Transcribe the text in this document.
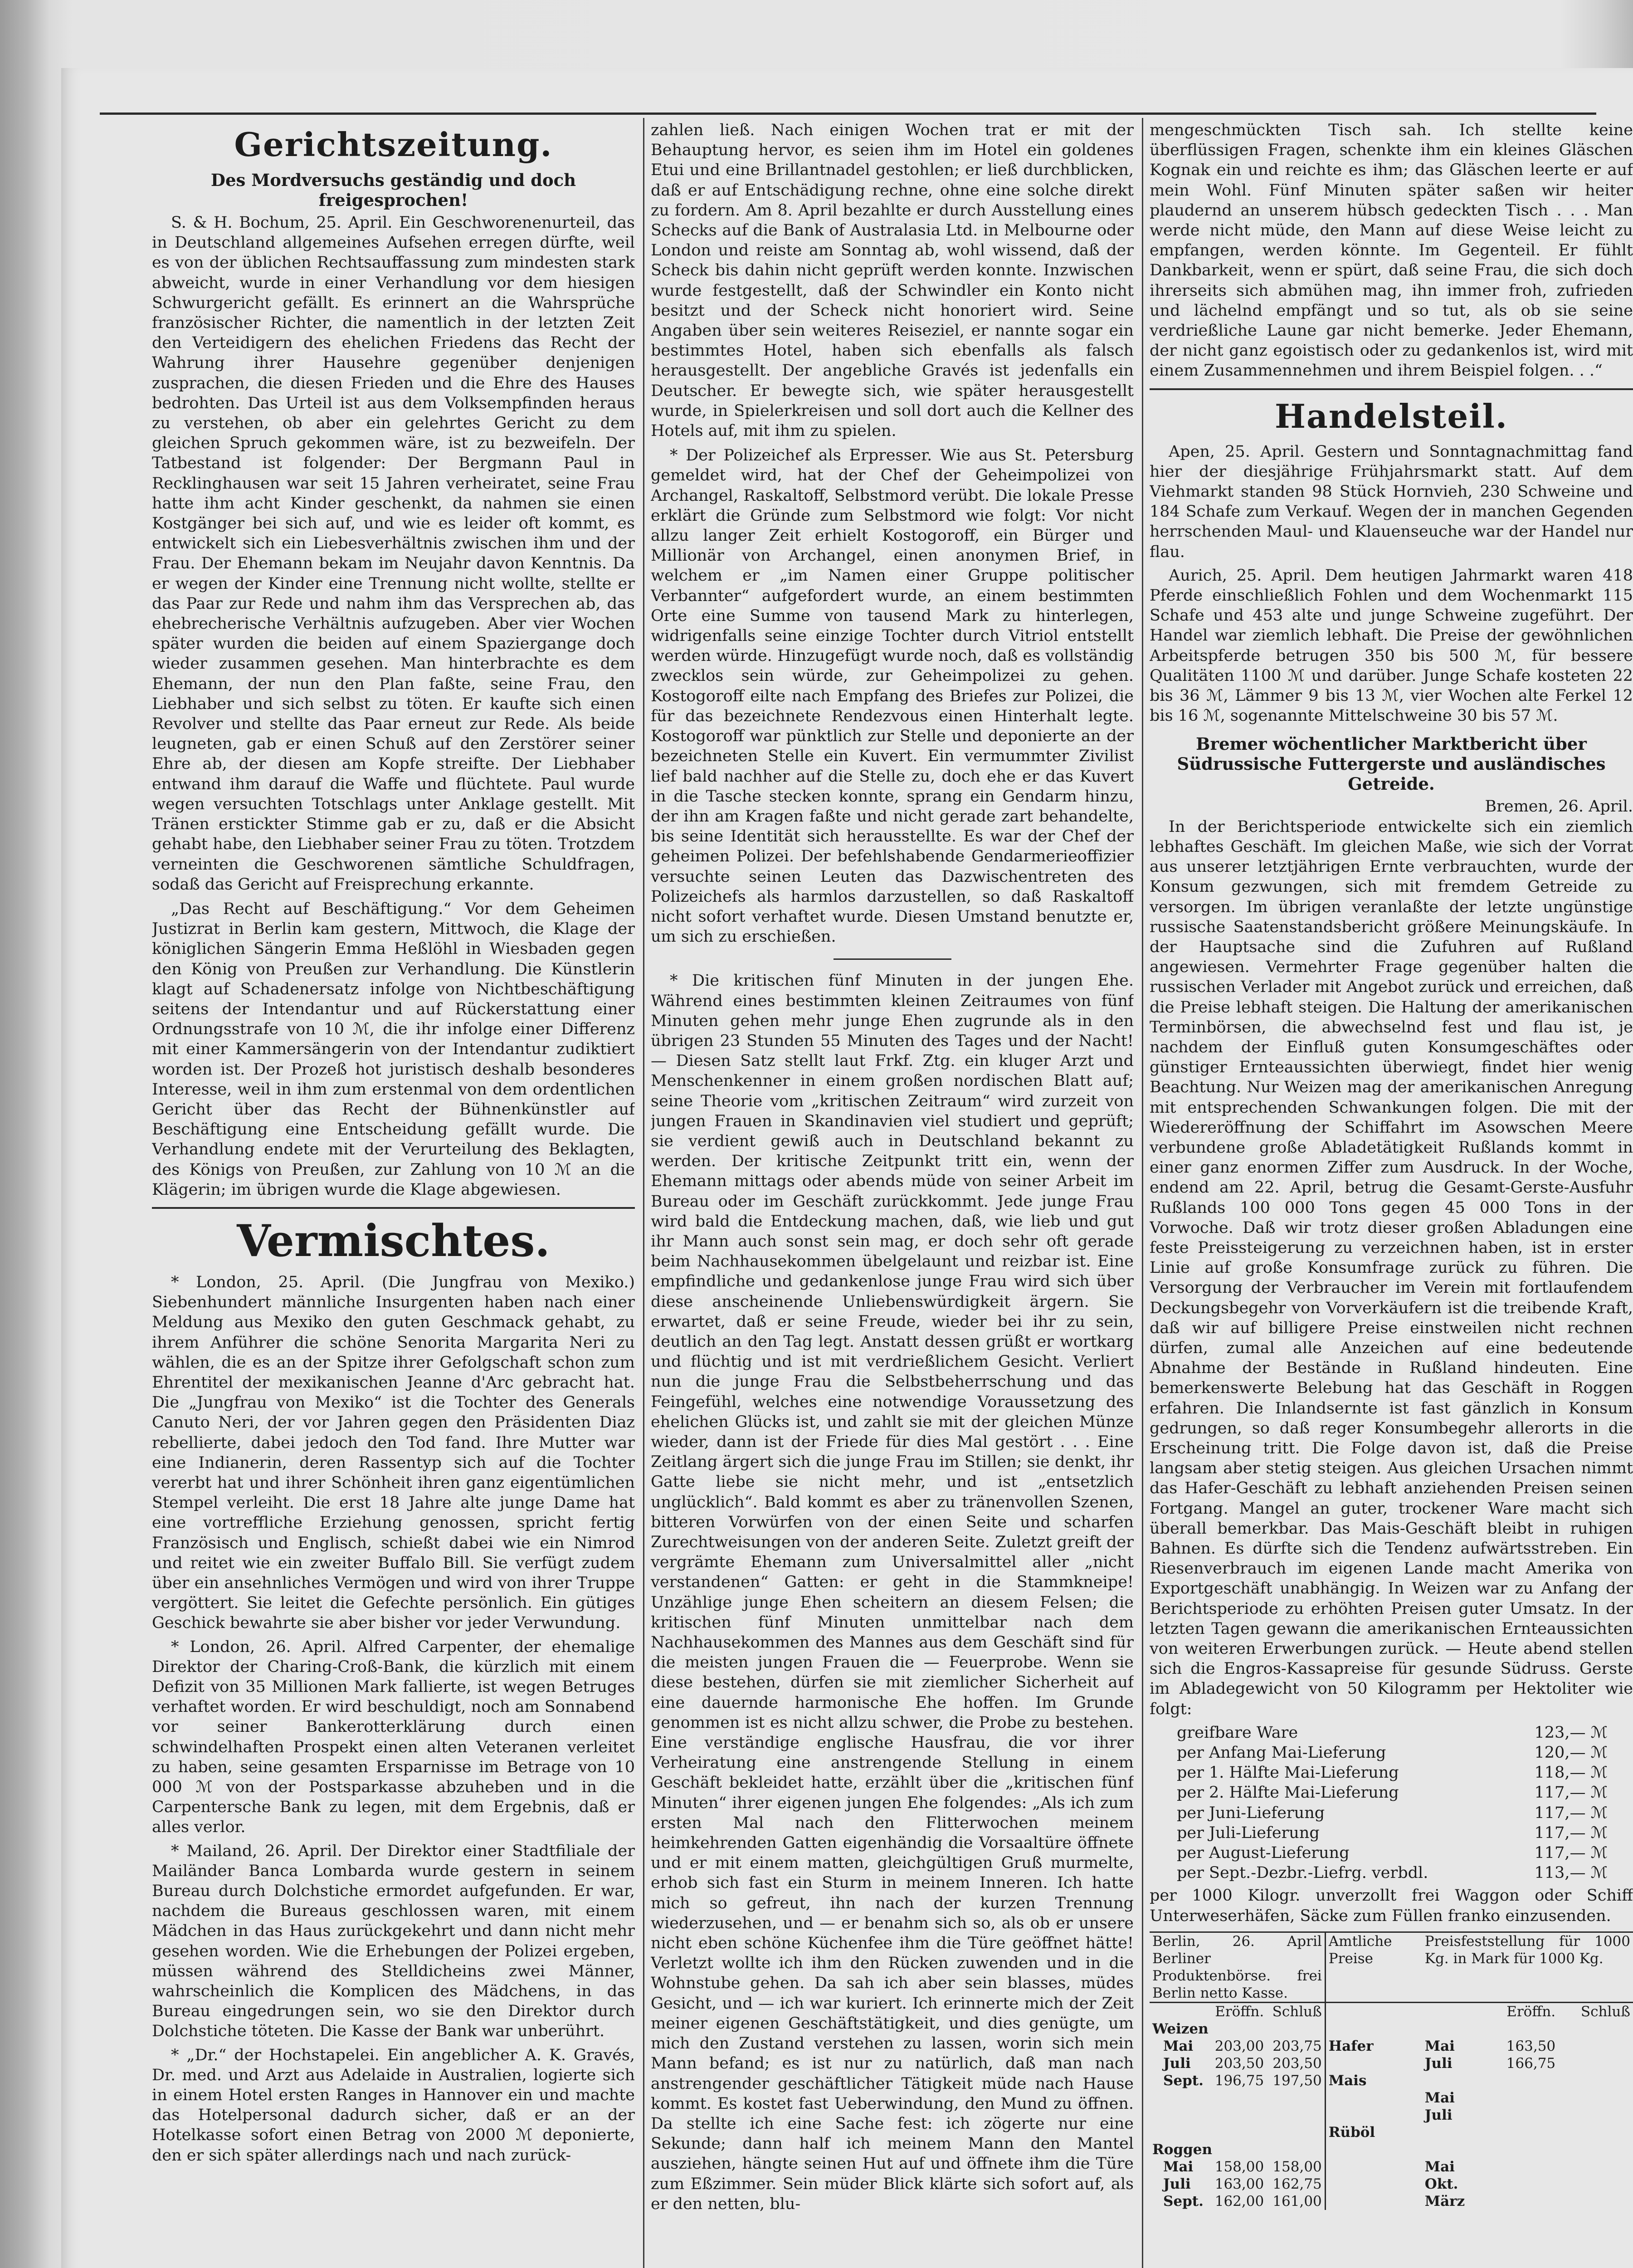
Gerichtszeitung.
Des Mordversuchs geständig und doch freigesprochen!

S. & H. Bochum, 25. April. Ein Geschworenenurteil, das in Deutschland allgemeines Aufsehen erregen dürfte, weil es von der üblichen Rechtsauffassung zum mindesten stark abweicht, wurde in einer Verhandlung vor dem hiesigen Schwurgericht gefällt. Es erinnert an die Wahrsprüche französischer Richter, die namentlich in der letzten Zeit den Verteidigern des ehelichen Friedens das Recht der Wahrung ihrer Hausehre gegenüber denjenigen zusprachen, die diesen Frieden und die Ehre des Hauses bedrohten. Das Urteil ist aus dem Volksempfinden heraus zu verstehen, ob aber ein gelehrtes Gericht zu dem gleichen Spruch gekommen wäre, ist zu bezweifeln. Der Tatbestand ist folgender: Der Bergmann Paul in Recklinghausen war seit 15 Jahren verheiratet, seine Frau hatte ihm acht Kinder geschenkt, da nahmen sie einen Kostgänger bei sich auf, und wie es leider oft kommt, es entwickelt sich ein Liebesverhältnis zwischen ihm und der Frau. Der Ehemann bekam im Neujahr davon Kenntnis. Da er wegen der Kinder eine Trennung nicht wollte, stellte er das Paar zur Rede und nahm ihm das Versprechen ab, das ehebrecherische Verhältnis aufzugeben. Aber vier Wochen später wurden die beiden auf einem Spaziergange doch wieder zusammen gesehen. Man hinterbrachte es dem Ehemann, der nun den Plan faßte, seine Frau, den Liebhaber und sich selbst zu töten. Er kaufte sich einen Revolver und stellte das Paar erneut zur Rede. Als beide leugneten, gab er einen Schuß auf den Zerstörer seiner Ehre ab, der diesen am Kopfe streifte. Der Liebhaber entwand ihm darauf die Waffe und flüchtete. Paul wurde wegen versuchten Totschlags unter Anklage gestellt. Mit Tränen erstickter Stimme gab er zu, daß er die Absicht gehabt habe, den Liebhaber seiner Frau zu töten. Trotzdem verneinten die Geschworenen sämtliche Schuldfragen, sodaß das Gericht auf Freisprechung erkannte.

„Das Recht auf Beschäftigung.“ Vor dem Geheimen Justizrat in Berlin kam gestern, Mittwoch, die Klage der königlichen Sängerin Emma Heßlöhl in Wiesbaden gegen den König von Preußen zur Verhandlung. Die Künstlerin klagt auf Schadenersatz infolge von Nichtbeschäftigung seitens der Intendantur und auf Rückerstattung einer Ordnungsstrafe von 10 ℳ, die ihr infolge einer Differenz mit einer Kammersängerin von der Intendantur zudiktiert worden ist. Der Prozeß hot juristisch deshalb besonderes Interesse, weil in ihm zum erstenmal von dem ordentlichen Gericht über das Recht der Bühnenkünstler auf Beschäftigung eine Entscheidung gefällt wurde. Die Verhandlung endete mit der Verurteilung des Beklagten, des Königs von Preußen, zur Zahlung von 10 ℳ an die Klägerin; im übrigen wurde die Klage abgewiesen.

Vermischtes.

* London, 25. April. (Die Jungfrau von Mexiko.) Siebenhundert männliche Insurgenten haben nach einer Meldung aus Mexiko den guten Geschmack gehabt, zu ihrem Anführer die schöne Senorita Margarita Neri zu wählen, die es an der Spitze ihrer Gefolgschaft schon zum Ehrentitel der mexikanischen Jeanne d'Arc gebracht hat. Die „Jungfrau von Mexiko“ ist die Tochter des Generals Canuto Neri, der vor Jahren gegen den Präsidenten Diaz rebellierte, dabei jedoch den Tod fand. Ihre Mutter war eine Indianerin, deren Rassentyp sich auf die Tochter vererbt hat und ihrer Schönheit ihren ganz eigentümlichen Stempel verleiht. Die erst 18 Jahre alte junge Dame hat eine vortreffliche Erziehung genossen, spricht fertig Französisch und Englisch, schießt dabei wie ein Nimrod und reitet wie ein zweiter Buffalo Bill. Sie verfügt zudem über ein ansehnliches Vermögen und wird von ihrer Truppe vergöttert. Sie leitet die Gefechte persönlich. Ein gütiges Geschick bewahrte sie aber bisher vor jeder Verwundung.

* London, 26. April. Alfred Carpenter, der ehemalige Direktor der Charing-Croß-Bank, die kürzlich mit einem Defizit von 35 Millionen Mark fallierte, ist wegen Betruges verhaftet worden. Er wird beschuldigt, noch am Sonnabend vor seiner Bankerotterklärung durch einen schwindelhaften Prospekt einen alten Veteranen verleitet zu haben, seine gesamten Ersparnisse im Betrage von 10 000 ℳ von der Postsparkasse abzuheben und in die Carpentersche Bank zu legen, mit dem Ergebnis, daß er alles verlor.

* Mailand, 26. April. Der Direktor einer Stadtfiliale der Mailänder Banca Lombarda wurde gestern in seinem Bureau durch Dolchstiche ermordet aufgefunden. Er war, nachdem die Bureaus geschlossen waren, mit einem Mädchen in das Haus zurückgekehrt und dann nicht mehr gesehen worden. Wie die Erhebungen der Polizei ergeben, müssen während des Stelldicheins zwei Männer, wahrscheinlich die Komplicen des Mädchens, in das Bureau eingedrungen sein, wo sie den Direktor durch Dolchstiche töteten. Die Kasse der Bank war unberührt.

* „Dr.“ der Hochstapelei. Ein angeblicher A. K. Gravés, Dr. med. und Arzt aus Adelaide in Australien, logierte sich in einem Hotel ersten Ranges in Hannover ein und machte das Hotelpersonal dadurch sicher, daß er an der Hotelkasse sofort einen Betrag von 2000 ℳ deponierte, den er sich später allerdings nach und nach zurück-

zahlen ließ. Nach einigen Wochen trat er mit der Behauptung hervor, es seien ihm im Hotel ein goldenes Etui und eine Brillantnadel gestohlen; er ließ durchblicken, daß er auf Entschädigung rechne, ohne eine solche direkt zu fordern. Am 8. April bezahlte er durch Ausstellung eines Schecks auf die Bank of Australasia Ltd. in Melbourne oder London und reiste am Sonntag ab, wohl wissend, daß der Scheck bis dahin nicht geprüft werden konnte. Inzwischen wurde festgestellt, daß der Schwindler ein Konto nicht besitzt und der Scheck nicht honoriert wird. Seine Angaben über sein weiteres Reiseziel, er nannte sogar ein bestimmtes Hotel, haben sich ebenfalls als falsch herausgestellt. Der angebliche Gravés ist jedenfalls ein Deutscher. Er bewegte sich, wie später herausgestellt wurde, in Spielerkreisen und soll dort auch die Kellner des Hotels auf, mit ihm zu spielen.

* Der Polizeichef als Erpresser. Wie aus St. Petersburg gemeldet wird, hat der Chef der Geheimpolizei von Archangel, Raskaltoff, Selbstmord verübt. Die lokale Presse erklärt die Gründe zum Selbstmord wie folgt: Vor nicht allzu langer Zeit erhielt Kostogoroff, ein Bürger und Millionär von Archangel, einen anonymen Brief, in welchem er „im Namen einer Gruppe politischer Verbannter“ aufgefordert wurde, an einem bestimmten Orte eine Summe von tausend Mark zu hinterlegen, widrigenfalls seine einzige Tochter durch Vitriol entstellt werden würde. Hinzugefügt wurde noch, daß es vollständig zwecklos sein würde, zur Geheimpolizei zu gehen. Kostogoroff eilte nach Empfang des Briefes zur Polizei, die für das bezeichnete Rendezvous einen Hinterhalt legte. Kostogoroff war pünktlich zur Stelle und deponierte an der bezeichneten Stelle ein Kuvert. Ein vermummter Zivilist lief bald nachher auf die Stelle zu, doch ehe er das Kuvert in die Tasche stecken konnte, sprang ein Gendarm hinzu, der ihn am Kragen faßte und nicht gerade zart behandelte, bis seine Identität sich herausstellte. Es war der Chef der geheimen Polizei. Der befehlshabende Gendarmerieoffizier versuchte seinen Leuten das Dazwischentreten des Polizeichefs als harmlos darzustellen, so daß Raskaltoff nicht sofort verhaftet wurde. Diesen Umstand benutzte er, um sich zu erschießen.

* Die kritischen fünf Minuten in der jungen Ehe. Während eines bestimmten kleinen Zeitraumes von fünf Minuten gehen mehr junge Ehen zugrunde als in den übrigen 23 Stunden 55 Minuten des Tages und der Nacht! — Diesen Satz stellt laut Frkf. Ztg. ein kluger Arzt und Menschenkenner in einem großen nordischen Blatt auf; seine Theorie vom „kritischen Zeitraum“ wird zurzeit von jungen Frauen in Skandinavien viel studiert und geprüft; sie verdient gewiß auch in Deutschland bekannt zu werden. Der kritische Zeitpunkt tritt ein, wenn der Ehemann mittags oder abends müde von seiner Arbeit im Bureau oder im Geschäft zurückkommt. Jede junge Frau wird bald die Entdeckung machen, daß, wie lieb und gut ihr Mann auch sonst sein mag, er doch sehr oft gerade beim Nachhausekommen übelgelaunt und reizbar ist. Eine empfindliche und gedankenlose junge Frau wird sich über diese anscheinende Unliebenswürdigkeit ärgern. Sie erwartet, daß er seine Freude, wieder bei ihr zu sein, deutlich an den Tag legt. Anstatt dessen grüßt er wortkarg und flüchtig und ist mit verdrießlichem Gesicht. Verliert nun die junge Frau die Selbstbeherrschung und das Feingefühl, welches eine notwendige Voraussetzung des ehelichen Glücks ist, und zahlt sie mit der gleichen Münze wieder, dann ist der Friede für dies Mal gestört . . . Eine Zeitlang ärgert sich die junge Frau im Stillen; sie denkt, ihr Gatte liebe sie nicht mehr, und ist „entsetzlich unglücklich“. Bald kommt es aber zu tränenvollen Szenen, bitteren Vorwürfen von der einen Seite und scharfen Zurechtweisungen von der anderen Seite. Zuletzt greift der vergrämte Ehemann zum Universalmittel aller „nicht verstandenen“ Gatten: er geht in die Stammkneipe! Unzählige junge Ehen scheitern an diesem Felsen; die kritischen fünf Minuten unmittelbar nach dem Nachhausekommen des Mannes aus dem Geschäft sind für die meisten jungen Frauen die — Feuerprobe. Wenn sie diese bestehen, dürfen sie mit ziemlicher Sicherheit auf eine dauernde harmonische Ehe hoffen. Im Grunde genommen ist es nicht allzu schwer, die Probe zu bestehen. Eine verständige englische Hausfrau, die vor ihrer Verheiratung eine anstrengende Stellung in einem Geschäft bekleidet hatte, erzählt über die „kritischen fünf Minuten“ ihrer eigenen jungen Ehe folgendes: „Als ich zum ersten Mal nach den Flitterwochen meinem heimkehrenden Gatten eigenhändig die Vorsaaltüre öffnete und er mit einem matten, gleichgültigen Gruß murmelte, erhob sich fast ein Sturm in meinem Inneren. Ich hatte mich so gefreut, ihn nach der kurzen Trennung wiederzusehen, und — er benahm sich so, als ob er unsere nicht eben schöne Küchenfee ihm die Türe geöffnet hätte! Verletzt wollte ich ihm den Rücken zuwenden und in die Wohnstube gehen. Da sah ich aber sein blasses, müdes Gesicht, und — ich war kuriert. Ich erinnerte mich der Zeit meiner eigenen Geschäftstätigkeit, und dies genügte, um mich den Zustand verstehen zu lassen, worin sich mein Mann befand; es ist nur zu natürlich, daß man nach anstrengender geschäftlicher Tätigkeit müde nach Hause kommt. Es kostet fast Ueberwindung, den Mund zu öffnen. Da stellte ich eine Sache fest: ich zögerte nur eine Sekunde; dann half ich meinem Mann den Mantel ausziehen, hängte seinen Hut auf und öffnete ihm die Türe zum Eßzimmer. Sein müder Blick klärte sich sofort auf, als er den netten, blu-

mengeschmückten Tisch sah. Ich stellte keine überflüssigen Fragen, schenkte ihm ein kleines Gläschen Kognak ein und reichte es ihm; das Gläschen leerte er auf mein Wohl. Fünf Minuten später saßen wir heiter plaudernd an unserem hübsch gedeckten Tisch . . . Man werde nicht müde, den Mann auf diese Weise leicht zu empfangen, werden könnte. Im Gegenteil. Er fühlt Dankbarkeit, wenn er spürt, daß seine Frau, die sich doch ihrerseits sich abmühen mag, ihn immer froh, zufrieden und lächelnd empfängt und so tut, als ob sie seine verdrießliche Laune gar nicht bemerke. Jeder Ehemann, der nicht ganz egoistisch oder zu gedankenlos ist, wird mit einem Zusammennehmen und ihrem Beispiel folgen. . .“

Handelsteil.

Apen, 25. April. Gestern und Sonntagnachmittag fand hier der diesjährige Frühjahrsmarkt statt. Auf dem Viehmarkt standen 98 Stück Hornvieh, 230 Schweine und 184 Schafe zum Verkauf. Wegen der in manchen Gegenden herrschenden Maul- und Klauenseuche war der Handel nur flau.

Aurich, 25. April. Dem heutigen Jahrmarkt waren 418 Pferde einschließlich Fohlen und dem Wochenmarkt 115 Schafe und 453 alte und junge Schweine zugeführt. Der Handel war ziemlich lebhaft. Die Preise der gewöhnlichen Arbeitspferde betrugen 350 bis 500 ℳ, für bessere Qualitäten 1100 ℳ und darüber. Junge Schafe kosteten 22 bis 36 ℳ, Lämmer 9 bis 13 ℳ, vier Wochen alte Ferkel 12 bis 16 ℳ, sogenannte Mittelschweine 30 bis 57 ℳ.

Bremer wöchentlicher Marktbericht über Südrussische Futtergerste und ausländisches Getreide.
Bremen, 26. April.

In der Berichtsperiode entwickelte sich ein ziemlich lebhaftes Geschäft. Im gleichen Maße, wie sich der Vorrat aus unserer letztjährigen Ernte verbrauchten, wurde der Konsum gezwungen, sich mit fremdem Getreide zu versorgen. Im übrigen veranlaßte der letzte ungünstige russische Saatenstandsbericht größere Meinungskäufe. In der Hauptsache sind die Zufuhren auf Rußland angewiesen. Vermehrter Frage gegenüber halten die russischen Verlader mit Angebot zurück und erreichen, daß die Preise lebhaft steigen. Die Haltung der amerikanischen Terminbörsen, die abwechselnd fest und flau ist, je nachdem der Einfluß guten Konsumgeschäftes oder günstiger Ernteaussichten überwiegt, findet hier wenig Beachtung. Nur Weizen mag der amerikanischen Anregung mit entsprechenden Schwankungen folgen. Die mit der Wiedereröffnung der Schiffahrt im Asowschen Meere verbundene große Abladetätigkeit Rußlands kommt in einer ganz enormen Ziffer zum Ausdruck. In der Woche, endend am 22. April, betrug die Gesamt-Gerste-Ausfuhr Rußlands 100 000 Tons gegen 45 000 Tons in der Vorwoche. Daß wir trotz dieser großen Abladungen eine feste Preissteigerung zu verzeichnen haben, ist in erster Linie auf große Konsumfrage zurück zu führen. Die Versorgung der Verbraucher im Verein mit fortlaufendem Deckungsbegehr von Vorverkäufern ist die treibende Kraft, daß wir auf billigere Preise einstweilen nicht rechnen dürfen, zumal alle Anzeichen auf eine bedeutende Abnahme der Bestände in Rußland hindeuten. Eine bemerkenswerte Belebung hat das Geschäft in Roggen erfahren. Die Inlandsernte ist fast gänzlich in Konsum gedrungen, so daß reger Konsumbegehr allerorts in die Erscheinung tritt. Die Folge davon ist, daß die Preise langsam aber stetig steigen. Aus gleichen Ursachen nimmt das Hafer-Geschäft zu lebhaft anziehenden Preisen seinen Fortgang. Mangel an guter, trockener Ware macht sich überall bemerkbar. Das Mais-Geschäft bleibt in ruhigen Bahnen. Es dürfte sich die Tendenz aufwärtsstreben. Ein Riesenverbrauch im eigenen Lande macht Amerika von Exportgeschäft unabhängig. In Weizen war zu Anfang der Berichtsperiode zu erhöhten Preisen guter Umsatz. In der letzten Tagen gewann die amerikanischen Ernteaussichten von weiteren Erwerbungen zurück. — Heute abend stellen sich die Engros-Kassapreise für gesunde Südruss. Gerste im Abladegewicht von 50 Kilogramm per Hektoliter wie folgt:

greifbare Ware	123,— ℳ
per Anfang Mai-Lieferung	120,— ℳ
per 1. Hälfte Mai-Lieferung	118,— ℳ
per 2. Hälfte Mai-Lieferung	117,— ℳ
per Juni-Lieferung	117,— ℳ
per Juli-Lieferung	117,— ℳ
per August-Lieferung	117,— ℳ
per Sept.-Dezbr.-Liefrg. verbdl.	113,— ℳ

per 1000 Kilogr. unverzollt frei Waggon oder Schiff Unterweserhäfen, Säcke zum Füllen franko einzusenden.

Berlin, 26. April Berliner Produktenbörse. frei Berlin netto Kasse.			Amtliche Preise	Preisfeststellung für 1000 Kg. in Mark für 1000 Kg.		
	Eröffn.	Schluß			Eröffn.	Schluß
Weizen						
Mai	203,00	203,75	Hafer	Mai	163,50	
Juli	203,50	203,50		Juli	166,75	
Sept.	196,75	197,50	Mais			
				Mai		
				Juli		
			Rüböl			
Roggen						
Mai	158,00	158,00		Mai		
Juli	163,00	162,75		Okt.		
Sept.	162,00	161,00		März		
